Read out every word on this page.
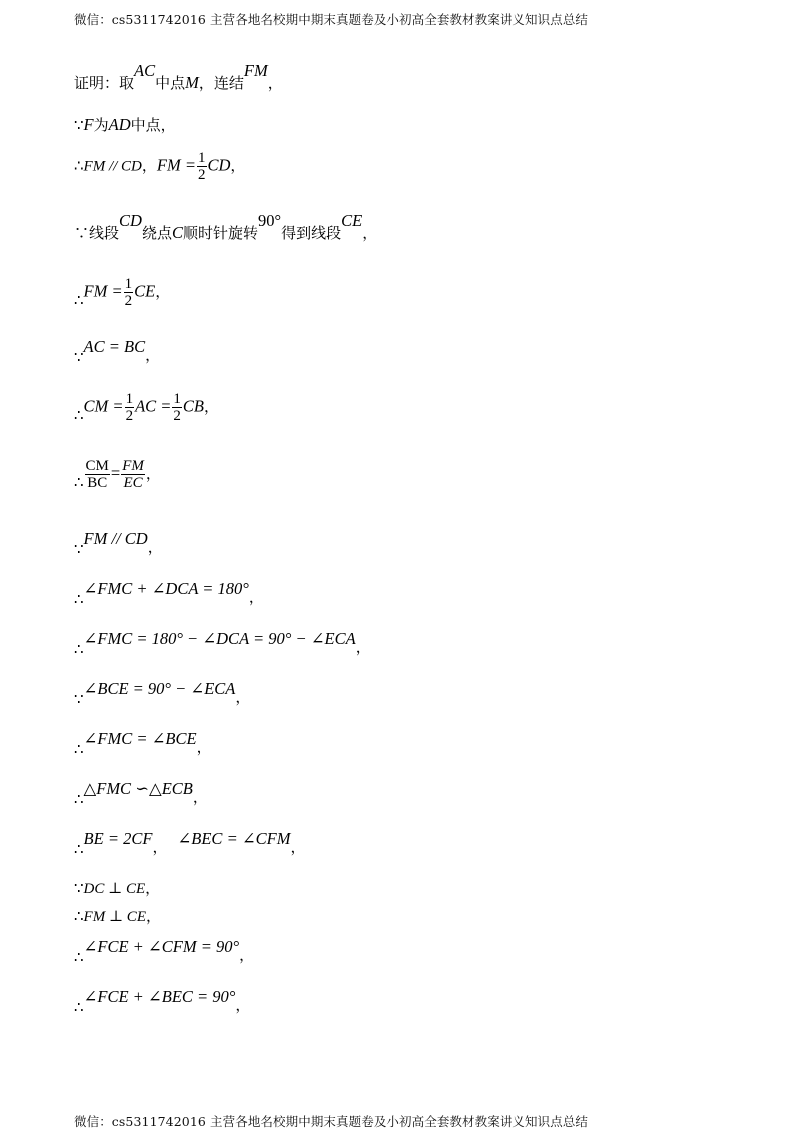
微信：cs5311742016 主营各地名校期中期末真题卷及小初高全套教材教案讲义知识点总结
证明：取AC中点M，连结FM，
∵F为AD中点，
∴FM // CD，FM = $\frac{1}{2}$ CD，
∵线段CD绕点C顺时针旋转90°得到线段CE，
∴FM = $\frac{1}{2}$ CE，
∵AC = BC，
∴CM = $\frac{1}{2}$ AC = $\frac{1}{2}$ CB，
∴ $\frac{CM}{BC} = \frac{FM}{EC}$ ，
∵FM // CD，
∴∠FMC + ∠DCA = 180°，
∴∠FMC = 180° − ∠DCA = 90° − ∠ECA，
∵∠BCE = 90° − ∠ECA，
∴∠FMC = ∠BCE，
∴△FMC ∽△ECB，
∴BE = 2CF， ∠BEC = ∠CFM，
∵DC ⊥ CE，
∴FM ⊥ CE，
∴∠FCE + ∠CFM = 90°，
∴∠FCE + ∠BEC = 90°，
微信：cs5311742016 主营各地名校期中期末真题卷及小初高全套教材教案讲义知识点总结
